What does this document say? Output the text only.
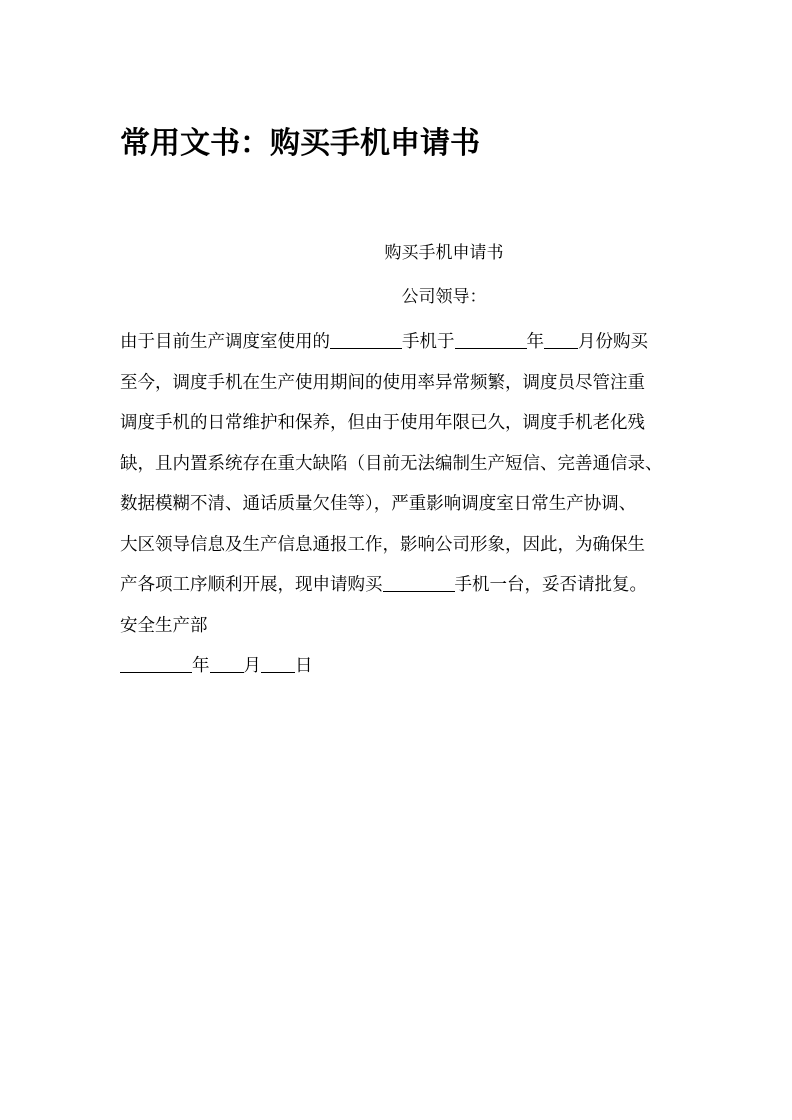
常用文书：购买手机申请书
购买手机申请书
公司领导：
由于目前生产调度室使用的	手机于	年 月份购买
至今，调度手机在生产使用期间的使用率异常频繁，调度员尽管注重
调度手机的日常维护和保养，但由于使用年限已久，调度手机老化残
缺，且内置系统存在重大缺陷（目前无法编制生产短信、完善通信录、
数据模糊不清、通话质量欠佳等），严重影响调度室日常生产协调、
大区领导信息及生产信息通报工作，影响公司形象，因此，为确保生
产各项工序顺利开展，现申请购买	手机一台，妥否请批复。
安全生产部
年 月 日
